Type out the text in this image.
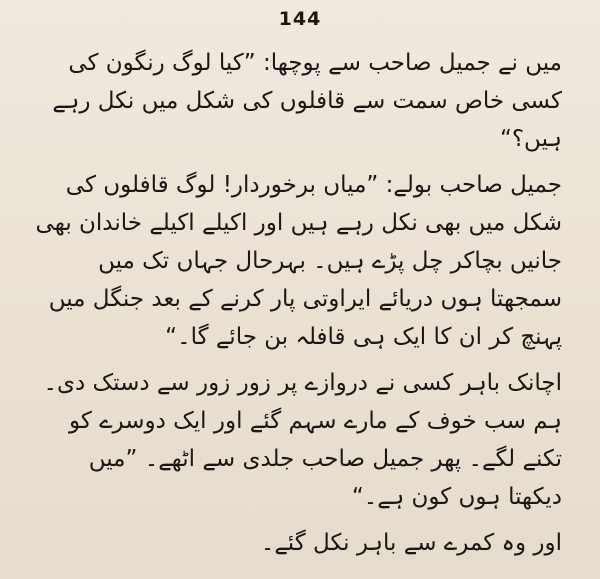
144

میں نے جمیل صاحب سے پوچھا: ”کیا لوگ رنگون کی کسی خاص سمت سے قافلوں کی شکل میں نکل رہے ہیں؟“

جمیل صاحب بولے: ”میاں برخوردار! لوگ قافلوں کی شکل میں بھی نکل رہے ہیں اور اکیلے اکیلے خاندان بھی جانیں بچاکر چل پڑے ہیں۔ بہرحال جہاں تک میں سمجھتا ہوں دریائے ایراوتی پار کرنے کے بعد جنگل میں پہنچ کر ان کا ایک ہی قافلہ بن جائے گا۔“

اچانک باہر کسی نے دروازے پر زور زور سے دستک دی۔ ہم سب خوف کے مارے سہم گئے اور ایک دوسرے کو تکنے لگے۔ پھر جمیل صاحب جلدی سے اٹھے۔ ”میں دیکھتا ہوں کون ہے۔“

اور وہ کمرے سے باہر نکل گئے۔
